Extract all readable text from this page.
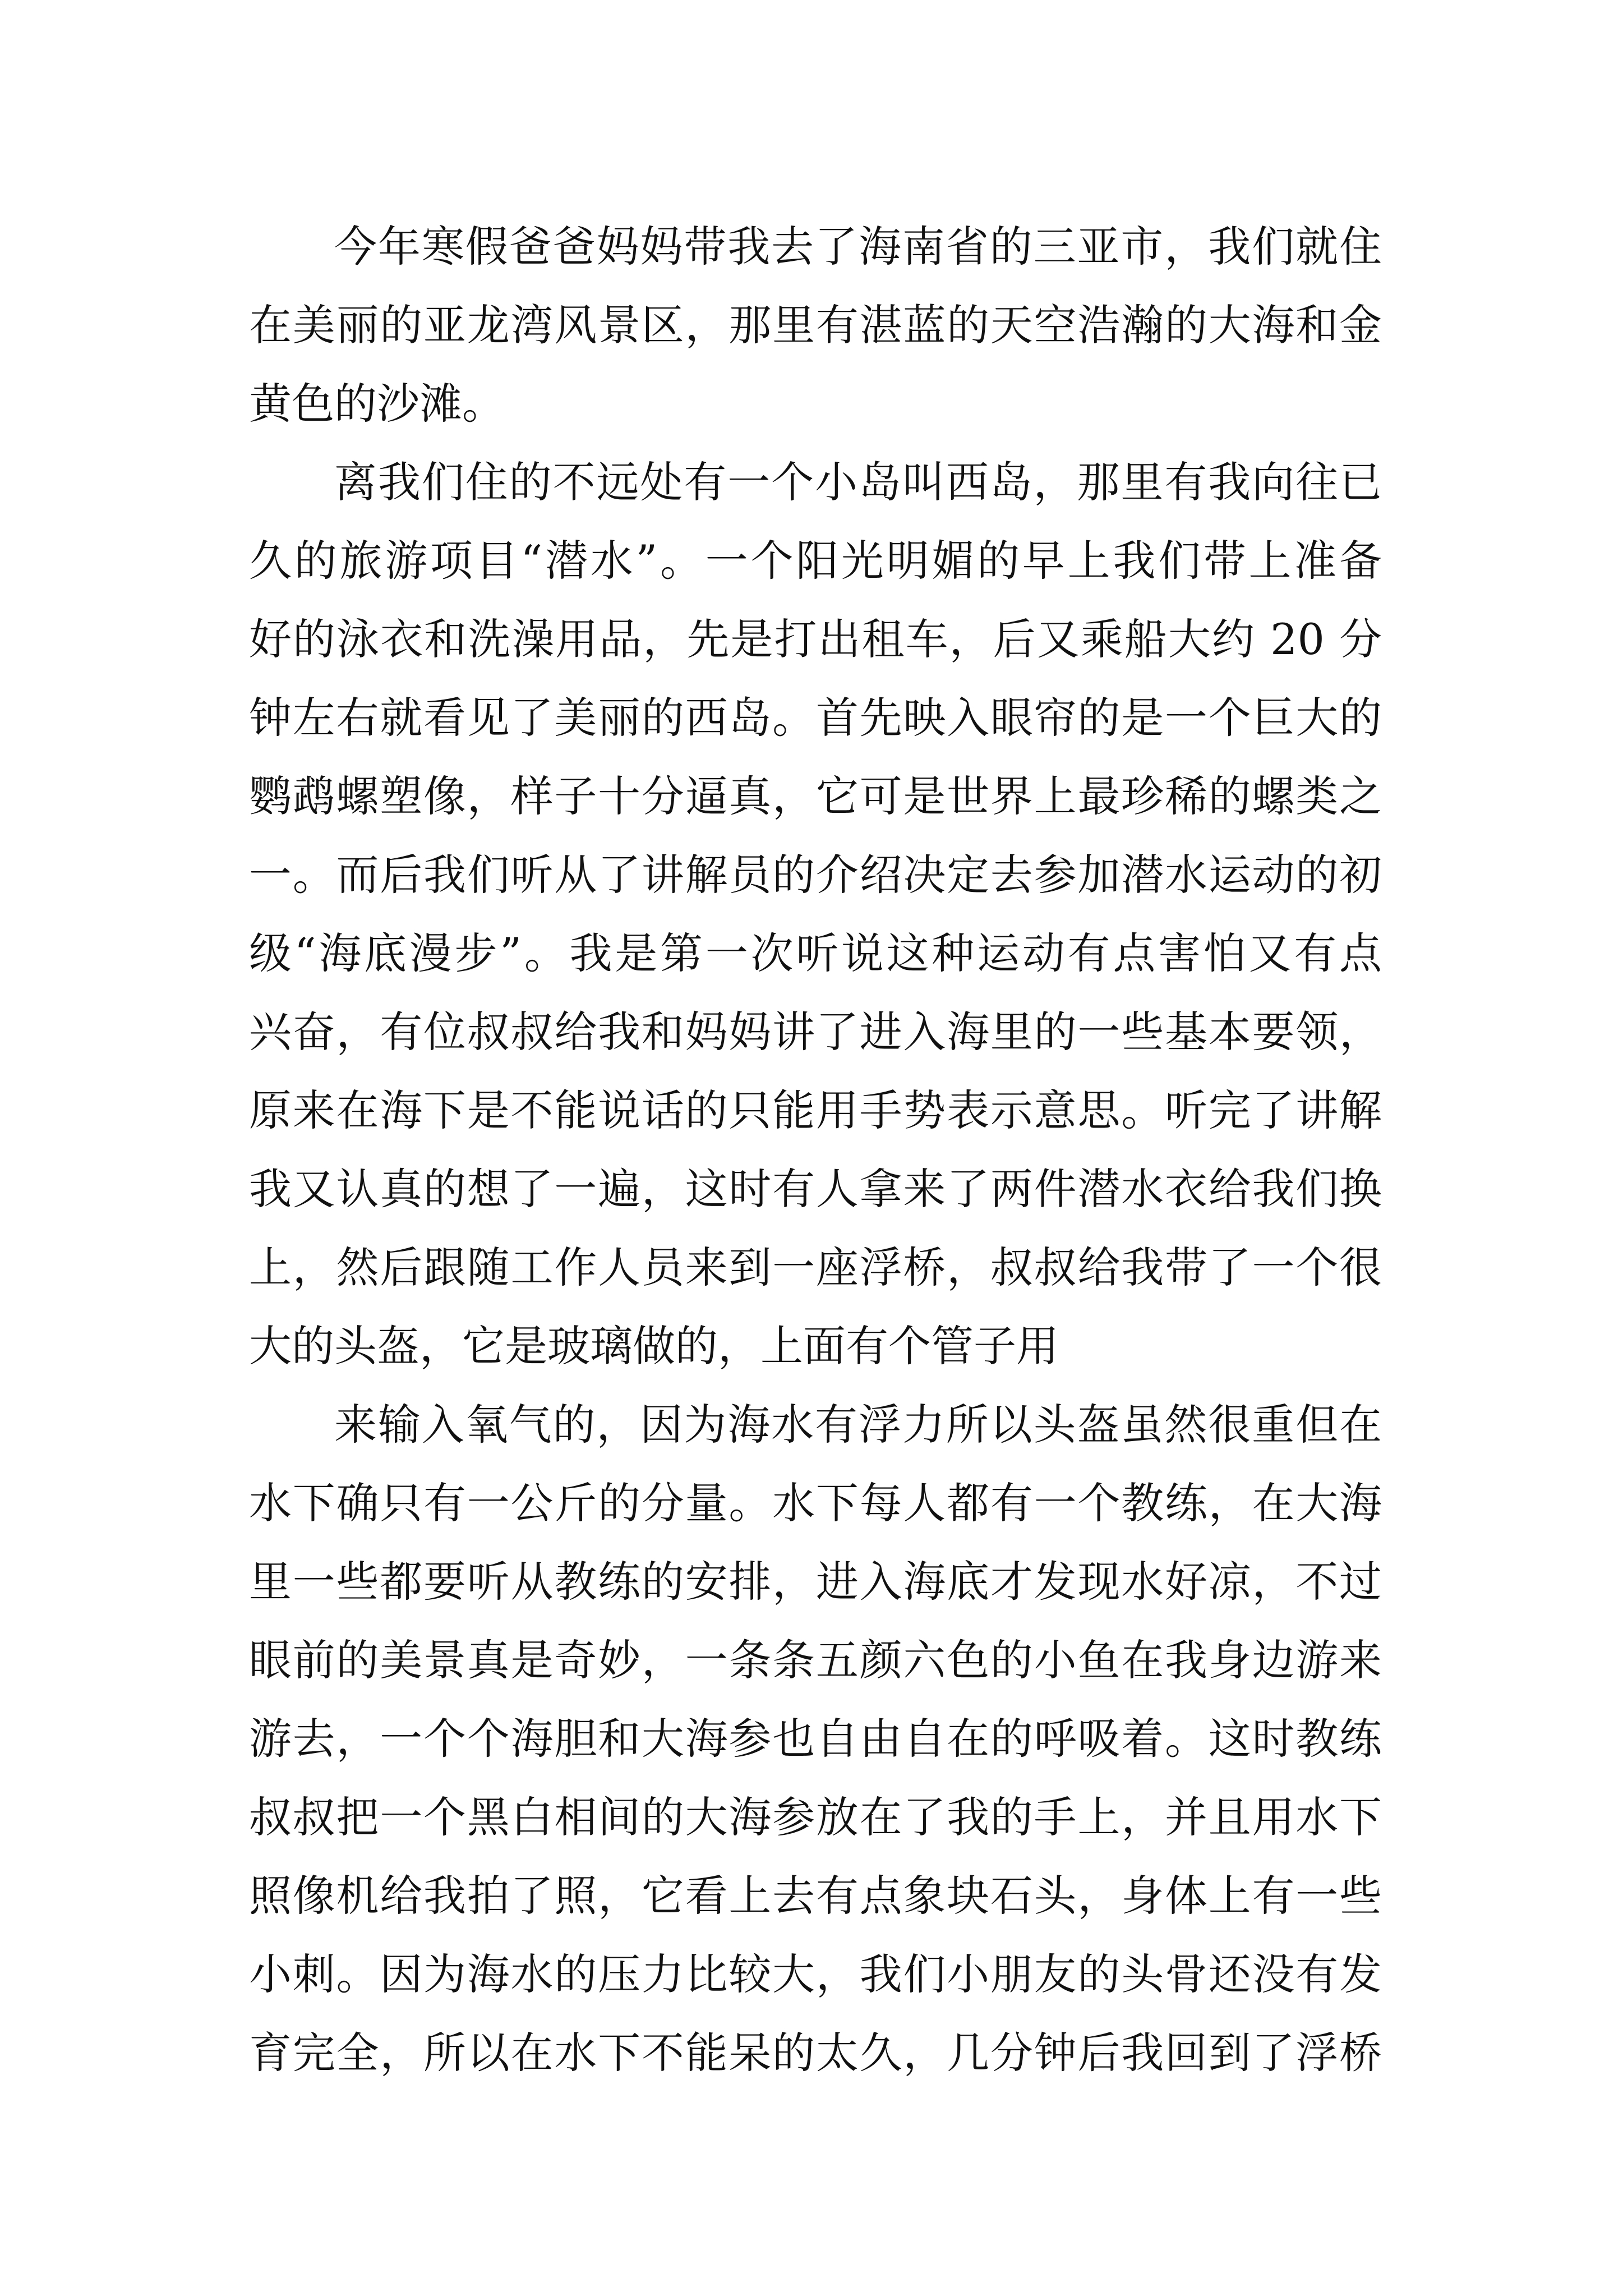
今年寒假爸爸妈妈带我去了海南省的三亚市，我们就住
在美丽的亚龙湾风景区，那里有湛蓝的天空浩瀚的大海和金
黄色的沙滩。
离我们住的不远处有一个小岛叫西岛，那里有我向往已
久的旅游项目“潜水”。一个阳光明媚的早上我们带上准备
好的泳衣和洗澡用品，先是打出租车，后又乘船大约 20 分
钟左右就看见了美丽的西岛。首先映入眼帘的是一个巨大的
鹦鹉螺塑像，样子十分逼真，它可是世界上最珍稀的螺类之
一。而后我们听从了讲解员的介绍决定去参加潜水运动的初
级“海底漫步”。我是第一次听说这种运动有点害怕又有点
兴奋，有位叔叔给我和妈妈讲了进入海里的一些基本要领，
原来在海下是不能说话的只能用手势表示意思。听完了讲解
我又认真的想了一遍，这时有人拿来了两件潜水衣给我们换
上，然后跟随工作人员来到一座浮桥，叔叔给我带了一个很
大的头盔，它是玻璃做的，上面有个管子用
来输入氧气的，因为海水有浮力所以头盔虽然很重但在
水下确只有一公斤的分量。水下每人都有一个教练，在大海
里一些都要听从教练的安排，进入海底才发现水好凉，不过
眼前的美景真是奇妙，一条条五颜六色的小鱼在我身边游来
游去，一个个海胆和大海参也自由自在的呼吸着。这时教练
叔叔把一个黑白相间的大海参放在了我的手上，并且用水下
照像机给我拍了照，它看上去有点象块石头，身体上有一些
小刺。因为海水的压力比较大，我们小朋友的头骨还没有发
育完全，所以在水下不能呆的太久，几分钟后我回到了浮桥
